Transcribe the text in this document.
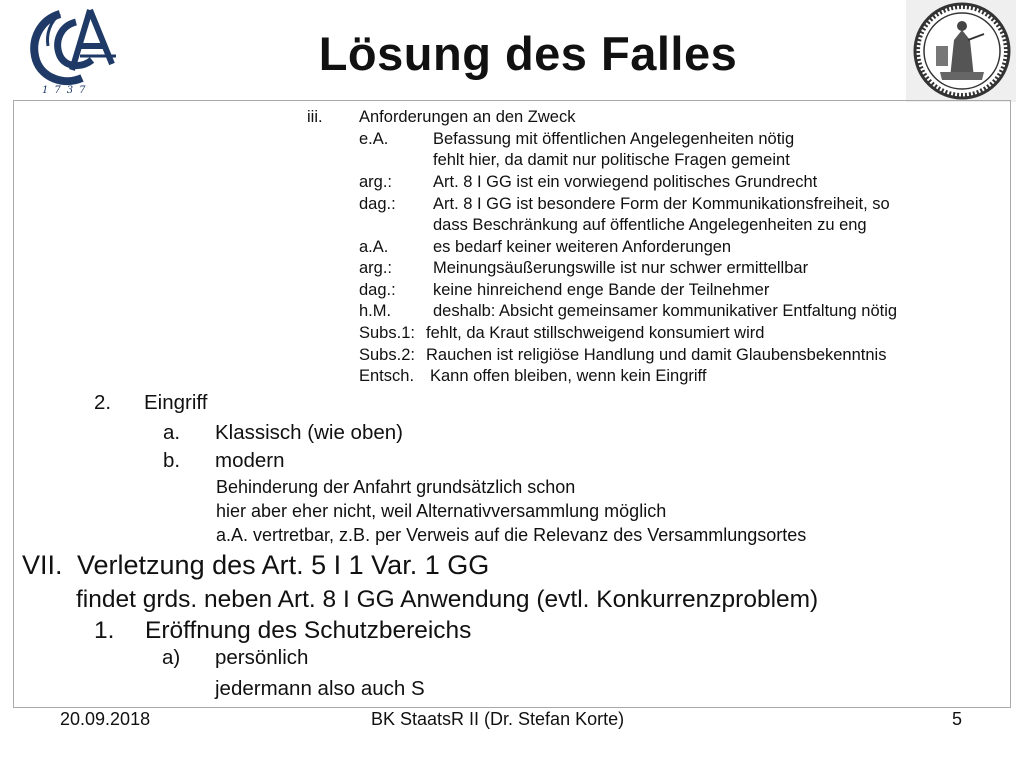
1737
Lösung des Falles
iii. Anforderungen an den Zweck
e.A.	Befassung mit öffentlichen Angelegenheiten nötig
fehlt hier, da damit nur politische Fragen gemeint
arg.: Art. 8 I GG ist ein vorwiegend politisches Grundrecht
dag.: Art. 8 I GG ist besondere Form der Kommunikationsfreiheit, so
dass Beschränkung auf öffentliche Angelegenheiten zu eng
a.A.	es bedarf keiner weiteren Anforderungen
arg.: Meinungsäußerungswille ist nur schwer ermittellbar
dag.: keine hinreichend enge Bande der Teilnehmer
h.M.	deshalb: Absicht gemeinsamer kommunikativer Entfaltung nötig
Subs.1: fehlt, da Kraut stillschweigend konsumiert wird
Subs.2: Rauchen ist religiöse Handlung und damit Glaubensbekenntnis
Entsch. Kann offen bleiben, wenn kein Eingriff
2. Eingriff
a. Klassisch (wie oben)
b. modern
Behinderung der Anfahrt grundsätzlich schon
hier aber eher nicht, weil Alternativversammlung möglich
a.A. vertretbar, z.B. per Verweis auf die Relevanz des Versammlungsortes
VII. Verletzung des Art. 5 I 1 Var. 1 GG
findet grds. neben Art. 8 I GG Anwendung (evtl. Konkurrenzproblem)
1. Eröffnung des Schutzbereichs
a) persönlich
jedermann also auch S
20.09.2018	BK StaatsR II (Dr. Stefan Korte)	5
